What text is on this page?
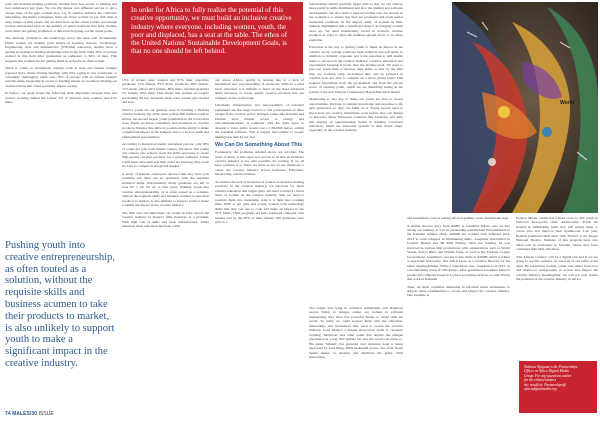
roles and decision-making positions. Women have less access to funding and face unbalanced pay gaps. We can dig deeper into different sectors to get a clearer view of the gaps women face, e.g. in creative industry the collective advertising and media companies, there are fewer women on par with men at early stages of their career, but are then more up the career ladder, not enough women represented even in the number of senior positions that hold. Women even rather not getting promoted, at that even dropping out the career paths.

The diversity problem in the technology sector has been well documented. While women are making great strides in securing Science, Technology, Engineering, Arts and Mathematics (STEAM) education, studies show a decline in women in holding leadership roles in the field. Only 20% of women worked in this field after graduation as compared to 64% of men. This suggests that women are not getting hired in tech jobs as often as men.

When it comes to investment, startups with at least one female founder reported more clients finding funding, with 93% saying it was 'somewhat' or 'extremely challenging' while only 70% of startups with no female founder said the same. Inequality in access to funding means we are likely missing out on innovations that could positively impact society.

In Kenya, our study found the following stark disparities between men and women working behind the scenes: 9% of directors were women, and 91% male;

Pushing youth into creative entrepreneurship, as often touted as a solution, without the requisite skills and business acumen to take their products to market, is also unlikely to support youth to make a significant impact in the creative industry.

In order for Africa to fully realize the potential of this creative opportunity, we must build an inclusive creative industry where everyone, including women, youth, the poor and displaced, has a seat at the table. The ethos of the United Nations' Sustainable Development Goals, is that no one should be left behind.

13% of writers were women and 87% men; executive producers 15% female, 85% male; producers 28% female, 72% male; editors 20% female, 80% male; cinematographers 5% female, 95% male. This means that women are largely not making the key decisions about what content gets created and how.

Africa's youth are our greatest asset in building a thriving creative industry. By 2030, there will be 830 million youth in Africa, the second largest youth population in the world after Asia. Youth are fierce consumers and producers of creative products. Despite this, African youth lack the ability to make a significant impact in the industry due to a lack of skills and employment opportunities.

According to Kenyan economy placement reports, only 18% of youth get jobs with related careers. We know that young arts centers, few schools teach the skills necessary to create high-quality creative products for a global audience. Urban youth learn what skill sets their peers are learning, they teach in order to compete in the global market.

A study of Kenyan employers reported that they have jobs available but there are no graduates with the requisite technical skills. Unfortunately many graduates are left to look for a job for up to five years. Pushing youth into creative entrepreneurship, as is often touted as a solution, without the requisite skills and business acumen to take their products to market, is also unlikely to support youth to make a significant impact in the creative industry.

The film over and individual can results in fully stretch the creative industry in Kenya's film, however, is a problem. With high cost of skills and basic infrastructure. While universal basic education has been rolled

out across Africa, quality is lacking due to a lack of investment and over-stretching of resources. Without a solid basic education it is difficult to build on the more advanced skills necessary to create quality creative products that can compete on the world stage.

Unreliable infrastructure and inaccessibility of essential equipment are also huge barriers to full participation of these groups in the creative sector. Refugee camps like Kakuma and Dadaab have limited access to energy and telecommunications. A computer with the right specs to develop a video game would cost a US$1000 before adding the essential software. This is largely inaccessible to people making less than $1 per day.

We Can Do Something About This

Fortunately, the problems detailed above are solvable. The work of many at this space has proven to us that an inclusive creative industry is not only possible, it's coming. If we all keep working at it. There are three tactics in our diagnosis to center the creative industry across inclusion: Education, Mentorship, and Investment.

To address the lack of inclusion of women in decision-making positions in the creative industry, we advocate for more creative education that targets girls. We need to build a critical mass of women on the creative industry, then we need to promote them into leadership. Also it is their best working time. 2030 to get girls and young women with technology skills that they can use to code and make an impact in the TCT fields. Their programs are fully equipped computer with leaders and by the 60% of their climate 500 graduates were girls in a

Scholarships should specially target girls so that we can achieve more parity in skills distributed and how the gaming and software development. We also need to support women who are already in the workplace to ensure that they are promoted and reach senior leadership positions. In the Impact study of women in film-making, highlighted that a significant impact on bringing women more up. We need intentionally invest in women's creative products in order to drive the numbers quoted above to be more equitable.

Education is the key to getting youth to make an impact in the creative sector. Giving youth the right technical and soft skills, in addition to industry exposure and work experience, will enable them to succeed in the creative industry. Creative education and experiential learning is better than the lecturer-level. We need to give our youth time to develop their skills, so that by the time they are working early, in-demand they will be pioneers in creative tech and able to compete on a more global basis. This requires investment from the government and from the private sector of aspiring youth, which we are thankfully seeing in the rollout of the new Kenyan Competency Based Education model.

Mentorship is also key to make our youth are able to access opportunities. We have to transfer knowledge and expertise to the next generation so they can build on it. Young people need to know how our creative institutions work before they can disrupt or innovate. Many European countries like Germany and Italy still employ an apprenticeship model in learning vocational education, which see education systems at their initial adapt, especially in the creative industry.

The values gets lying in technical enthusiasm, and displaced people living in refugee camps are trained in software engineering, they have few powerful means to create with the world. To really we could support them with the education, mentorship, and investment they need to access the creative industry. Lead Malaya a unique show-book 'India is currently working 'Intellicon' and other game that depicts the refugee experience in a way that gamers all over the world can relate to. His game 'Salaam', has garnered over attention. Lual is being supported by Lual Deng, NBA basketball player, also from South Sudan mutes, to develop and distribute his game. With mentorship

World

and investment, Lual is putting African gaming on the mainstream map.

A similar success story from ADBS is Josephine Kibiro who we met during our training on 3-D art partnership with PlebArt Entertainment in the Kakuma refugee camp. ADMB has worked with Wheeled since 2013 to train refugees in filmmaking skills. Josephine specialized in Graphic Design and 3D Film Editing. After her training, he was involved in various film productions with organizations such as World Vision, Kenya RRC, and Windle Trust, as well as the Turkana County Government. Josephine's success is also made at ADMB which working at Aga Khan University. Tuli still at Lipso as a Creative Director for the entire digitalpublisher. While a wheelchair user, Josephine is in NYC as a documenting travel art Mtt Kenya. After graduation Josephine joined a production company based in Lodwar providing services to some NGOs that work in Kakuma.

Then, we must capitalize marketing in informal urban settlements to support these communities to access and impact the creative industry. One example is

Epsilon Media, which has trained close to 200 youth in Nairobi's Korogocho slum. Additionally, Youth are trained in filmmaking skills that will enable them to create jobs and improve their livelihoods. Last year, Epsilon premiered their short film, 'Patriot' at the Kenya National Theatre. Students of this program have also taken part in exchanges to Sweden, where they have continued their film education.

'The African Century' will be a digital one and if we are going to see this realised, we need all of our talent at the table. By supporting women, youth, and others from poor and displaced backgrounds to access and impact the creative industry meaningfully, we will not only realise the potential of the creative industry in Africa.

Wakiuru Njuguna is the Partnerships
Officer at Africa Digital Media
Group. For any questions and/or
for the related matters
she would at: Partnerships@
africadigitalmedia.org
74 MALES/30 ISSUE
